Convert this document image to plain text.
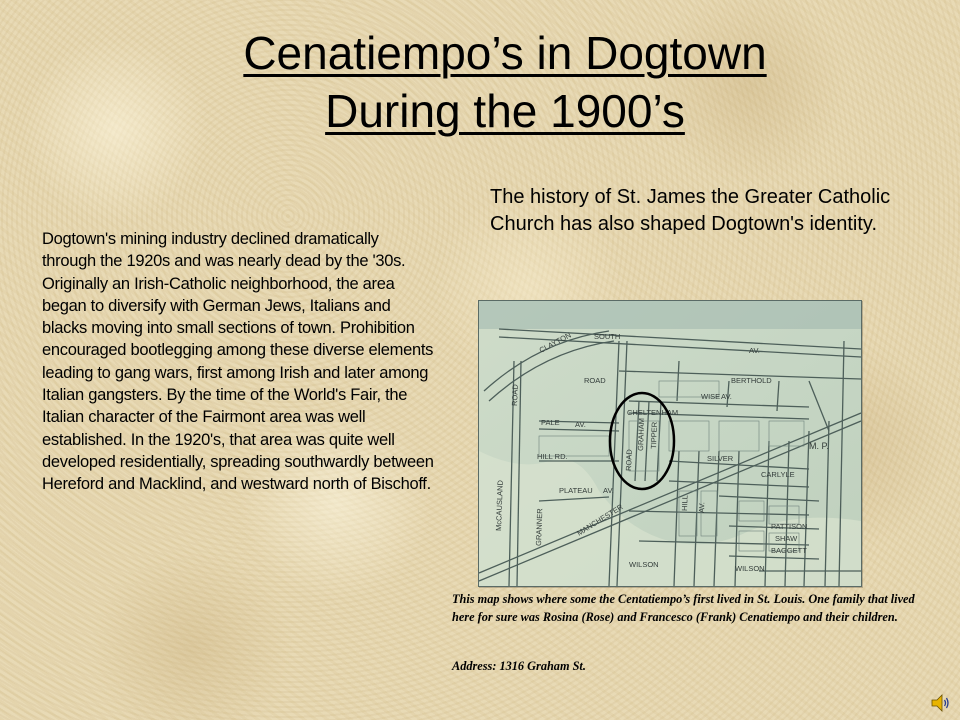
Cenatiempo’s in Dogtown
During the 1900’s

Dogtown's mining industry declined dramatically through the 1920s and was nearly dead by the '30s. Originally an Irish-Catholic neighborhood, the area began to diversify with German Jews, Italians and blacks moving into small sections of town. Prohibition encouraged bootlegging among these diverse elements leading to gang wars, first among Irish and later among Italian gangsters. By the time of the World's Fair, the Italian character of the Fairmont area was well established. In the 1920's, that area was quite well developed residentially, spreading southwardly between Hereford and Macklind, and westward north of Bischoff.

The history of St. James the Greater Catholic Church has also shaped Dogtown's identity.

SOUTH
AV.
CLAYTON
ROAD	BERTHOLD
CHELTENHAM
WISE AV.
PALE AV.
HILL RD.	ROAD
GRAHAM TIPPER
SILVER
CARLYLE
PLATEAU AV.
MANCHESTER
McCAUSLAND	GRANNER
HILL AV.
WILSON	WILSON
PATTISON
SHAW
BAGGETT
M. P.
ROAD

This map shows where some the Centatiempo’s first lived in St. Louis. One family that lived here for sure was Rosina (Rose) and Francesco (Frank) Cenatiempo and their children.

Address: 1316 Graham St.
